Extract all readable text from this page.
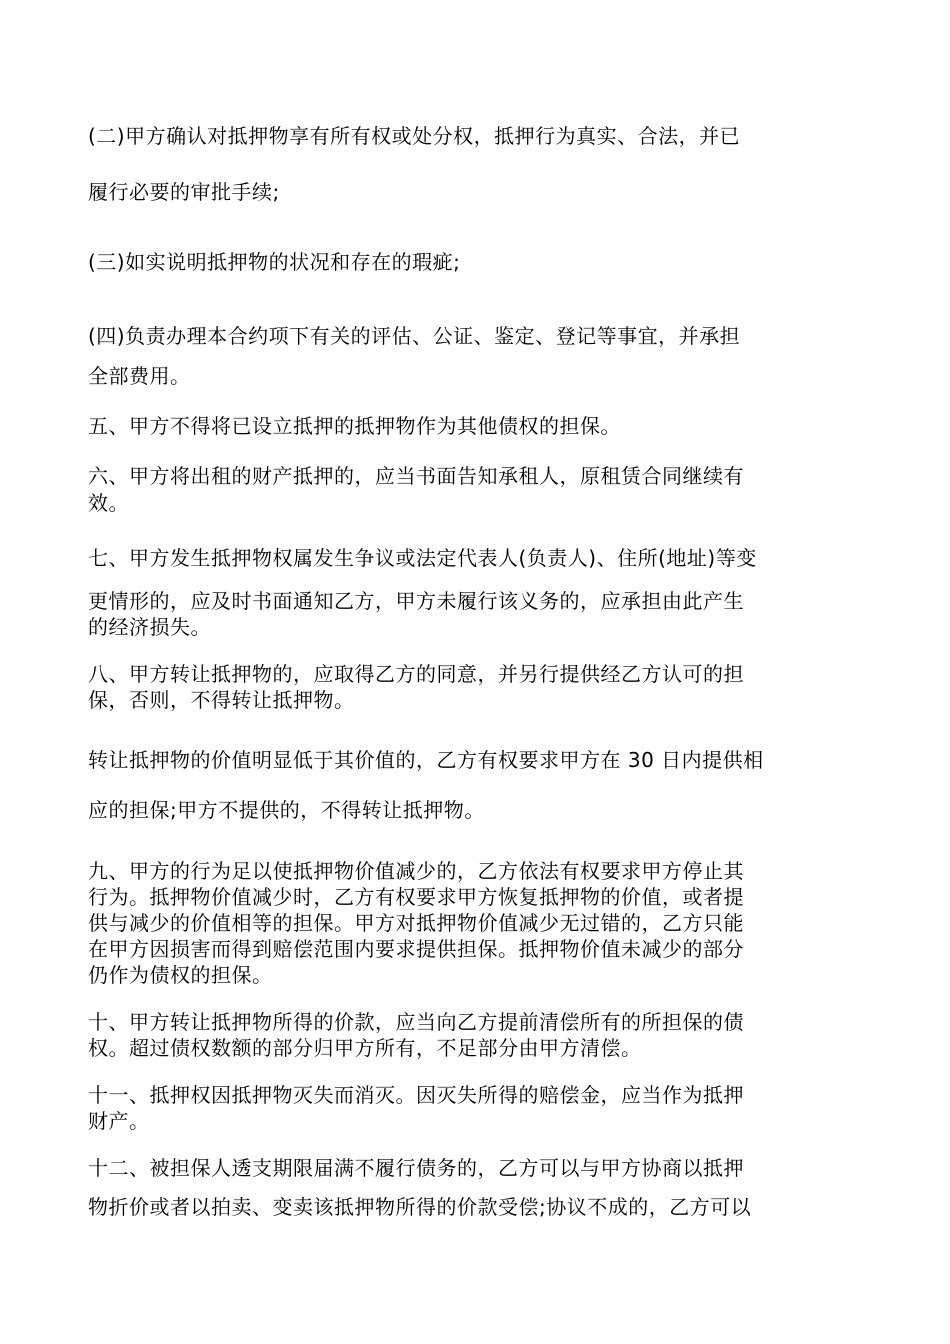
(二)甲方确认对抵押物享有所有权或处分权，抵押行为真实、合法，并已
履行必要的审批手续;
(三)如实说明抵押物的状况和存在的瑕疵;
(四)负责办理本合约项下有关的评估、公证、鉴定、登记等事宜，并承担
全部费用。
五、甲方不得将已设立抵押的抵押物作为其他债权的担保。
六、甲方将出租的财产抵押的，应当书面告知承租人，原租赁合同继续有
效。
七、甲方发生抵押物权属发生争议或法定代表人(负责人)、住所(地址)等变
更情形的，应及时书面通知乙方，甲方未履行该义务的，应承担由此产生
的经济损失。
八、甲方转让抵押物的，应取得乙方的同意，并另行提供经乙方认可的担
保，否则，不得转让抵押物。
转让抵押物的价值明显低于其价值的，乙方有权要求甲方在 30 日内提供相
应的担保;甲方不提供的，不得转让抵押物。
九、甲方的行为足以使抵押物价值减少的，乙方依法有权要求甲方停止其
行为。抵押物价值减少时，乙方有权要求甲方恢复抵押物的价值，或者提
供与减少的价值相等的担保。甲方对抵押物价值减少无过错的，乙方只能
在甲方因损害而得到赔偿范围内要求提供担保。抵押物价值未减少的部分
仍作为债权的担保。
十、甲方转让抵押物所得的价款，应当向乙方提前清偿所有的所担保的债
权。超过债权数额的部分归甲方所有，不足部分由甲方清偿。
十一、抵押权因抵押物灭失而消灭。因灭失所得的赔偿金，应当作为抵押
财产。
十二、被担保人透支期限届满不履行债务的，乙方可以与甲方协商以抵押
物折价或者以拍卖、变卖该抵押物所得的价款受偿;协议不成的，乙方可以
